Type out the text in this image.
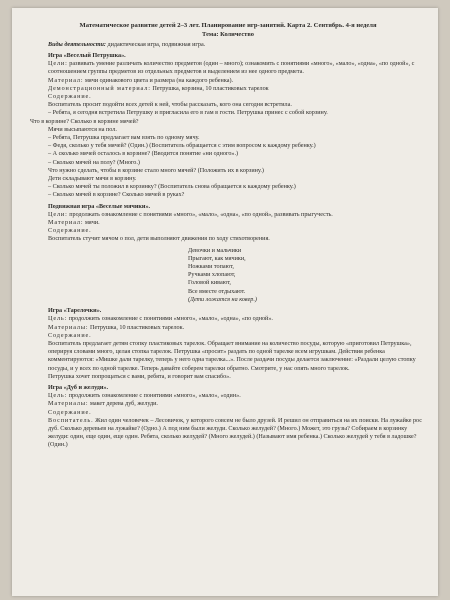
Математическое развитие детей 2–3 лет. Планирование игр-занятий. Карта 2. Сентябрь. 4-я неделя

Тема: Количество

Виды деятельности: дидактическая игра, подвижная игра.

Игра «Веселый Петрушка».

Цели: развивать умение различать количество предметов (один – много); ознакомить с понятиями «много», «мало», «одна», «по одной», с соотношением группы предметов из отдельных предметов и выделением из нее одного предмета.

Материал: мячи одинакового цвета и размера (на каждого ребенка).

Демонстрационный материал: Петрушка, корзина, 10 пластиковых тарелок

Содержание.

Воспитатель просит подойти всех детей к ней, чтобы рассказать, кого она сегодня встретила.

– Ребята, я сегодня встретила Петрушку и пригласила его в гам в гости. Петрушка принес с собой корзину.

Что в корзине? Сколько в корзине мячей?

Мячи высыпаются на пол.

– Ребята, Петрушка предлагает вам взять по одному мячу.

– Федя, сколько у тебя мячей? (Один.) (Воспитатель обращается с этим вопросом к каждому ребенку.)

– А сколько мячей осталось в корзине? (Вводится понятие «ни одного».)

– Сколько мячей на полу? (Много.)

Что нужно сделать, чтобы в корзине стало много мячей? (Положить их в корзину.)

Дети складывают мячи в корзину.

– Сколько мячей ты положил в корзинку? (Воспитатель снова обращается к каждому ребенку.)

– Сколько мячей в корзине? Сколько мячей в руках?

Подвижная игра «Веселые мячики».

Цели: продолжать ознакомление с понятиями «много», «мало», «одна», «по одной», развивать прыгучесть.

Материал: мячи.

Содержание.

Воспитатель стучит мячом о пол, дети выполняют движения по ходу стихотворения.

Девочки и мальчики

Прыгают, как мячики,

Ножками топают,

Ручками хлопают,

Головой кивают,

Все вместе отдыхают.

(Дети ложатся на ковер.)

Игра «Тарелочки».

Цель: продолжить ознакомление с понятиями «много», «мало», «одна», «по одной».

Материалы: Петрушка, 10 пластиковых тарелок.

Содержание.

Воспитатель предлагает детям стопку пластиковых тарелок. Обращает внимание на количество посуды, которую «приготовил Петрушка», оперируя словами много, целая стопка тарелок. Петрушка «просит» раздать по одной тарелке всем игрушкам. Действия ребенка комментируются: «Мишке дали тарелку, теперь у него одна тарелка...». После раздачи посуды делается заключение: «Раздали целую стопку посуды, и у всех по одной тарелке. Теперь давайте соберем тарелки обратно. Смотрите, у нас опять много тарелок.

Петрушка хочет попрощаться с вами, ребята, и говорит вам спасибо».

Игра «Дуб и желуди».

Цель: продолжить ознакомление с понятиями «много», «мало», «один».

Материалы: макет дерева дуб, желуди.

Содержание.

Воспитатель. Жил один человечек – Лесовичок, у которого совсем не было друзей. И решил он отправиться на их поиски. На лужайке рос дуб. Сколько деревьев на лужайке? (Одно.) А под ним были желуди. Сколько желудей? (Много.) Может, это грузы? Собираем в корзинку желуди: один, еще один, еще один. Ребята, сколько желудей? (Много желудей.) (Называют имя ребенка.) Сколько желудей у тебя в ладошке? (Один.)
